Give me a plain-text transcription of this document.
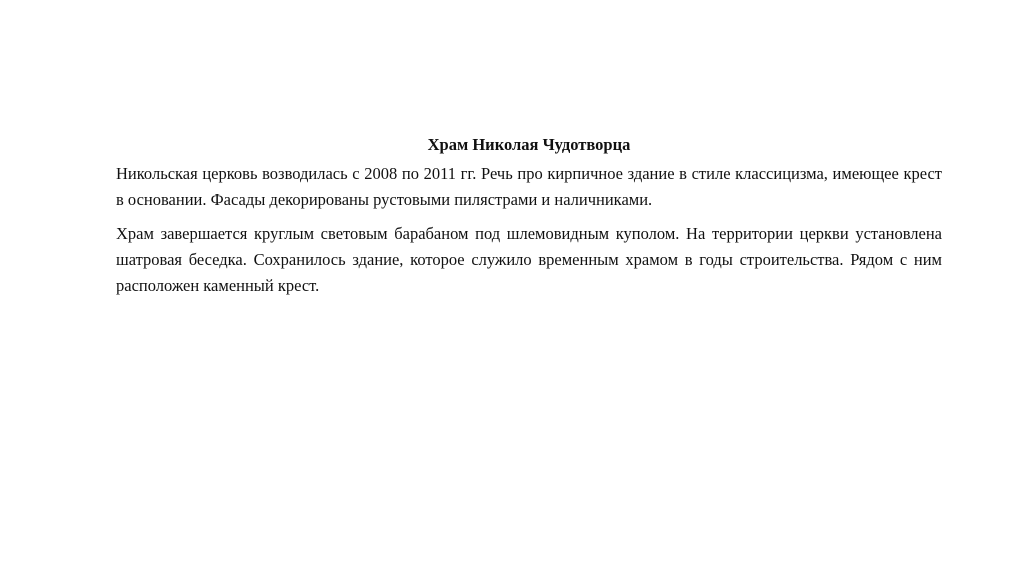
Храм Николая Чудотворца

Никольская церковь возводилась с 2008 по 2011 гг. Речь про кирпичное здание в стиле классицизма, имеющее крест в основании. Фасады декорированы рустовыми пилястрами и наличниками.

Храм завершается круглым световым барабаном под шлемовидным куполом. На территории церкви установлена шатровая беседка. Сохранилось здание, которое служило временным храмом в годы строительства. Рядом с ним расположен каменный крест.
